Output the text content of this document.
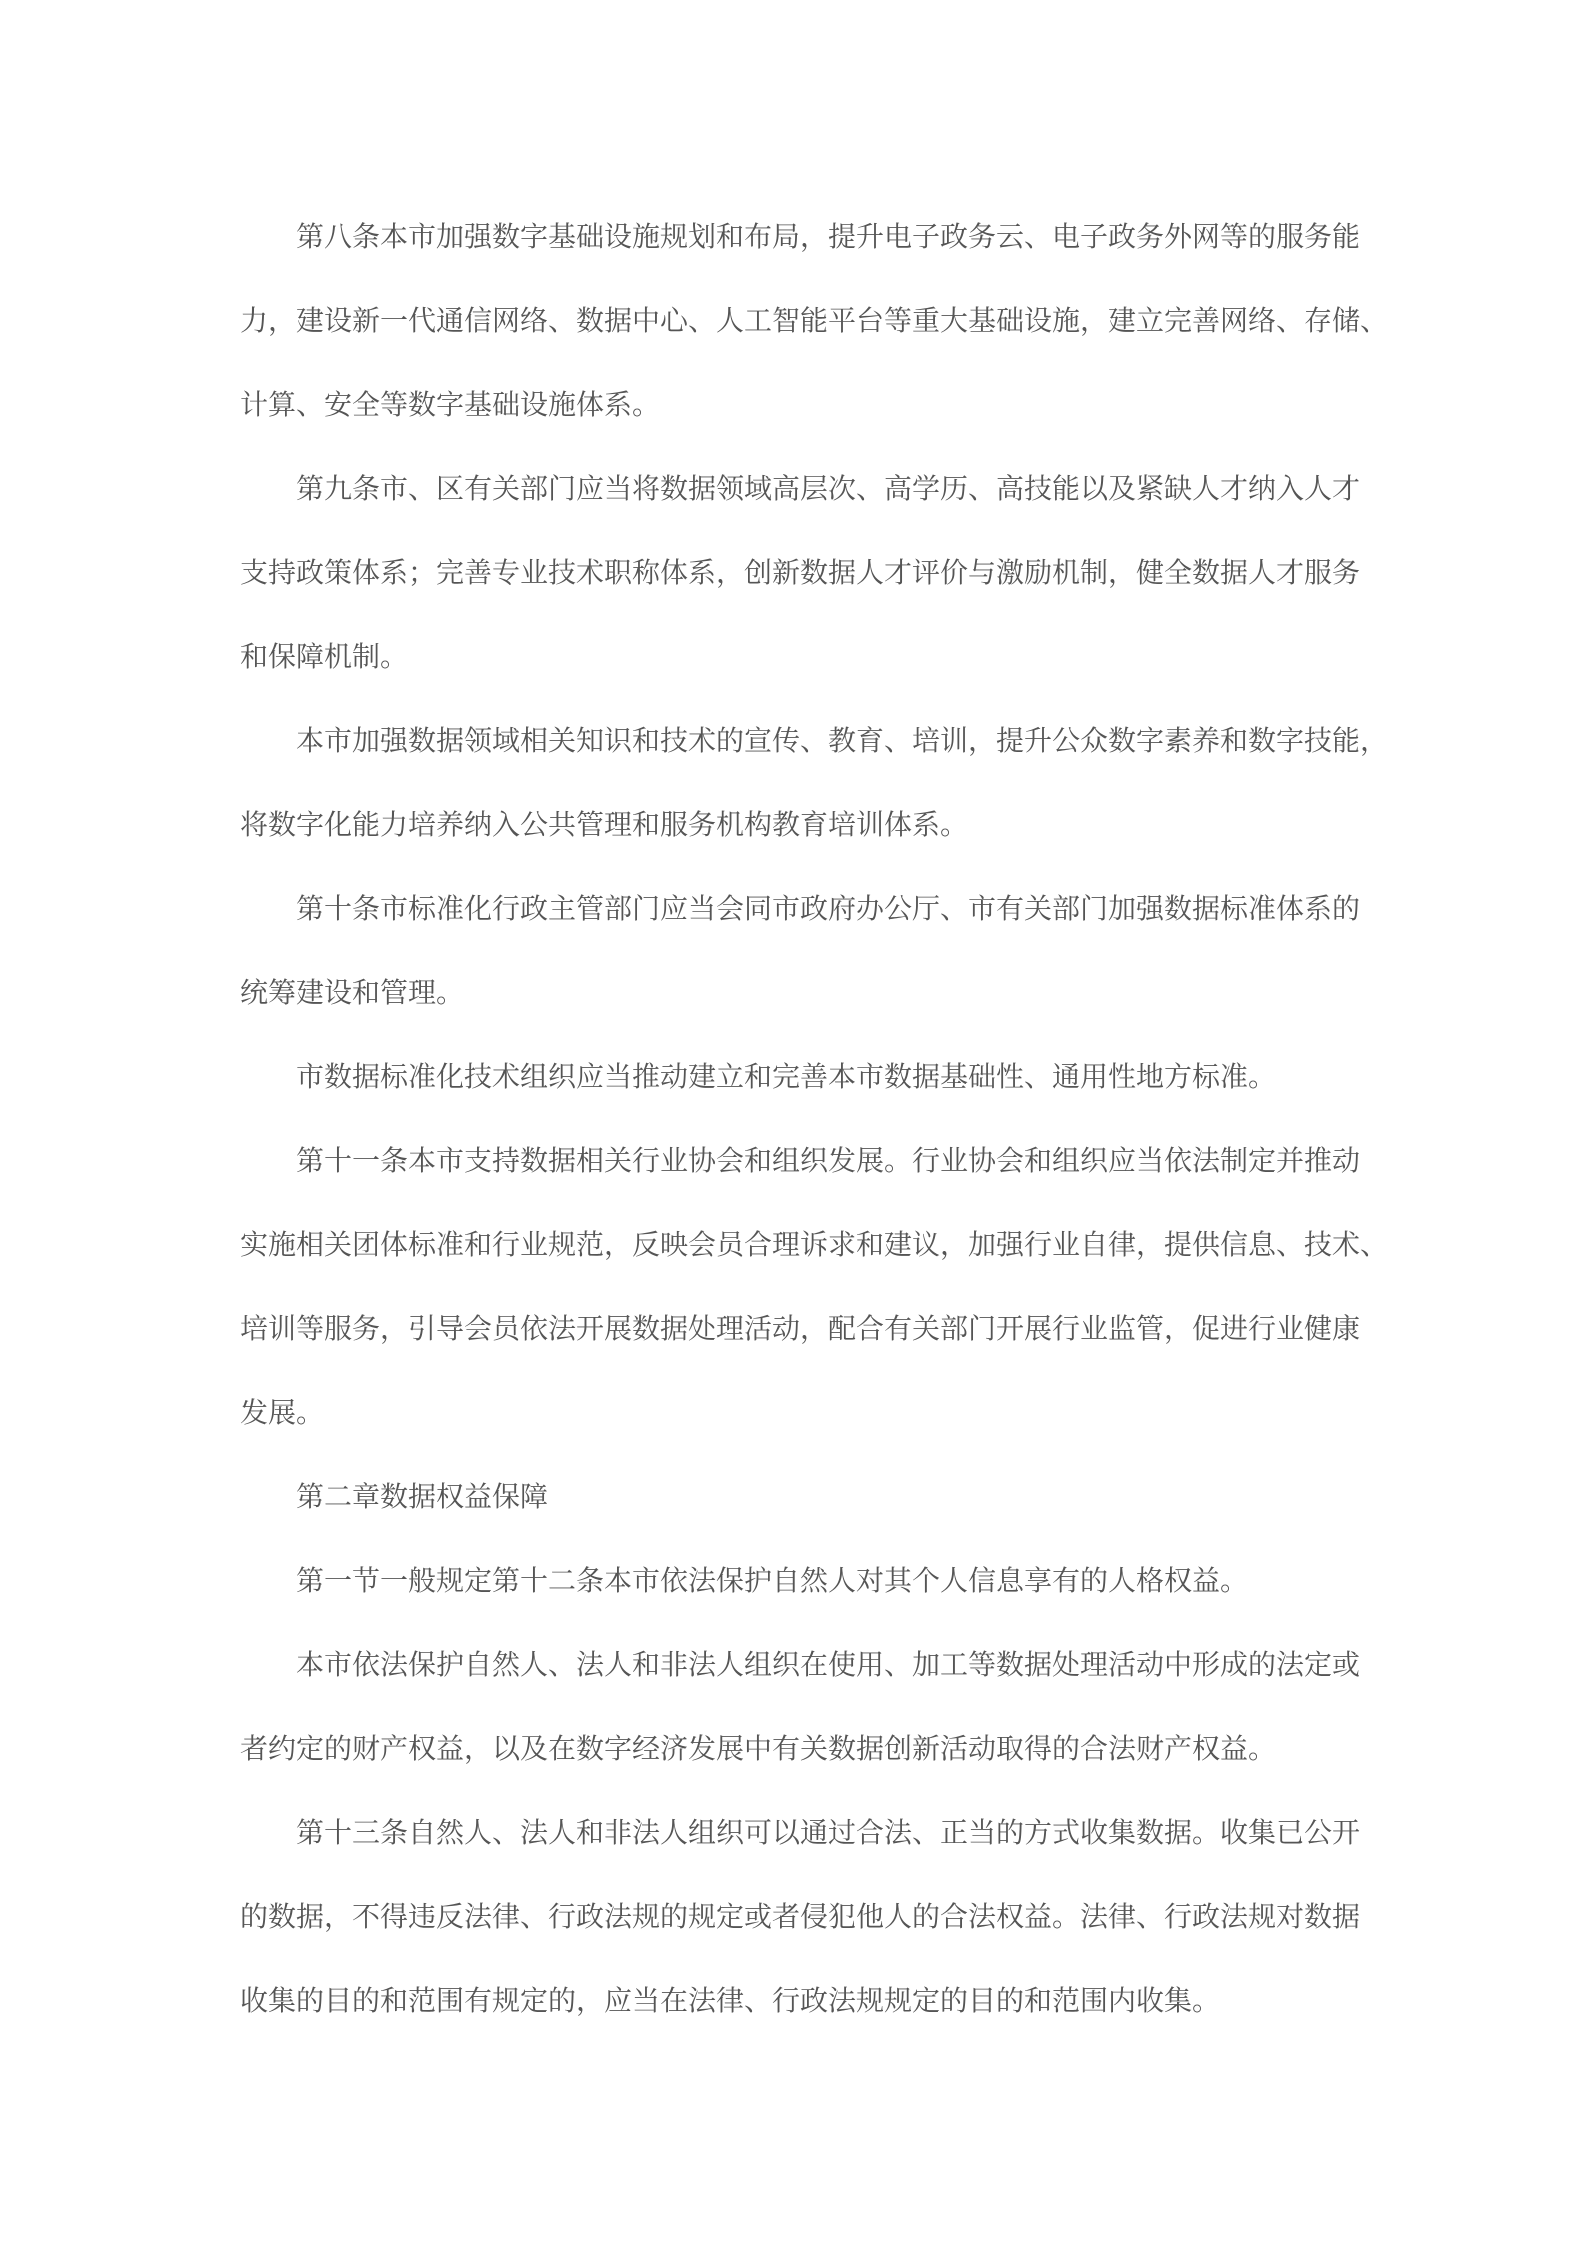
第八条本市加强数字基础设施规划和布局，提升电子政务云、电子政务外网等的服务能
力，建设新一代通信网络、数据中心、人工智能平台等重大基础设施，建立完善网络、存储、
计算、安全等数字基础设施体系。
第九条市、区有关部门应当将数据领域高层次、高学历、高技能以及紧缺人才纳入人才
支持政策体系；完善专业技术职称体系，创新数据人才评价与激励机制，健全数据人才服务
和保障机制。
本市加强数据领域相关知识和技术的宣传、教育、培训，提升公众数字素养和数字技能，
将数字化能力培养纳入公共管理和服务机构教育培训体系。
第十条市标准化行政主管部门应当会同市政府办公厅、市有关部门加强数据标准体系的
统筹建设和管理。
市数据标准化技术组织应当推动建立和完善本市数据基础性、通用性地方标准。
第十一条本市支持数据相关行业协会和组织发展。行业协会和组织应当依法制定并推动
实施相关团体标准和行业规范，反映会员合理诉求和建议，加强行业自律，提供信息、技术、
培训等服务，引导会员依法开展数据处理活动，配合有关部门开展行业监管，促进行业健康
发展。
第二章数据权益保障
第一节一般规定第十二条本市依法保护自然人对其个人信息享有的人格权益。
本市依法保护自然人、法人和非法人组织在使用、加工等数据处理活动中形成的法定或
者约定的财产权益，以及在数字经济发展中有关数据创新活动取得的合法财产权益。
第十三条自然人、法人和非法人组织可以通过合法、正当的方式收集数据。收集已公开
的数据，不得违反法律、行政法规的规定或者侵犯他人的合法权益。法律、行政法规对数据
收集的目的和范围有规定的，应当在法律、行政法规规定的目的和范围内收集。
